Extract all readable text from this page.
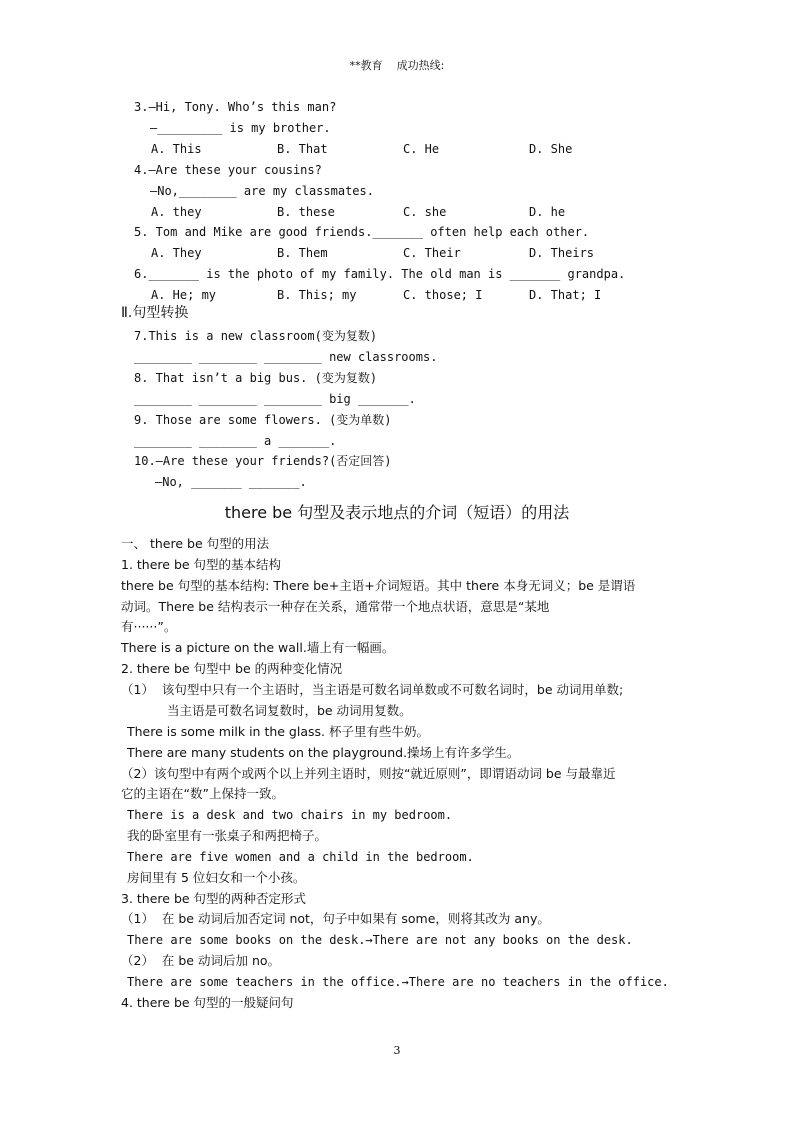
**教育    成功热线:
3.—Hi, Tony. Who’s this man?
—_________ is my brother.

A. This

	B. That

	C. He

	D. She

4.—Are these your cousins?
—No,________ are my classmates.

A. they

	B. these

	C. she

	D. he

5. Tom and Mike are good friends._______ often help each other.

A. They

	B. Them

	C. Their

	D. Theirs

6._______ is the photo of my family. The old man is _______ grandpa.

A. He; my

	B. This; my

	C. those; I

	D. That; I

Ⅱ.句型转换
7.This is a new classroom(变为复数)
________ ________ ________ new classrooms.
8. That isn’t a big bus. (变为复数)
________ ________ ________ big _______.
9. Those are some flowers. (变为单数)
________ ________ a _______.
10.—Are these your friends?(否定回答)
—No, _______ _______.
there be 句型及表示地点的介词（短语）的用法
一、 there be 句型的用法
1. there be 句型的基本结构
there be 句型的基本结构: There be+主语+介词短语。其中 there 本身无词义；be 是谓语
动词。There be 结构表示一种存在关系，通常带一个地点状语，意思是“某地
有······”。
There is a picture on the wall.墙上有一幅画。
2. there be 句型中 be 的两种变化情况
（1）  该句型中只有一个主语时，当主语是可数名词单数或不可数名词时，be 动词用单数;
当主语是可数名词复数时，be 动词用复数。
There is some milk in the glass. 杯子里有些牛奶。
There are many students on the playground.操场上有许多学生。
（2）该句型中有两个或两个以上并列主语时，则按“就近原则”，即谓语动词 be 与最靠近
它的主语在“数”上保持一致。
There is a desk and two chairs in my bedroom.
我的卧室里有一张桌子和两把椅子。
There are five women and a child in the bedroom.
房间里有 5 位妇女和一个小孩。
3. there be 句型的两种否定形式
（1）  在 be 动词后加否定词 not，句子中如果有 some，则将其改为 any。
There are some books on the desk.→There are not any books on the desk.
（2）  在 be 动词后加 no。
There are some teachers in the office.→There are no teachers in the office.
4. there be 句型的一般疑问句
3
